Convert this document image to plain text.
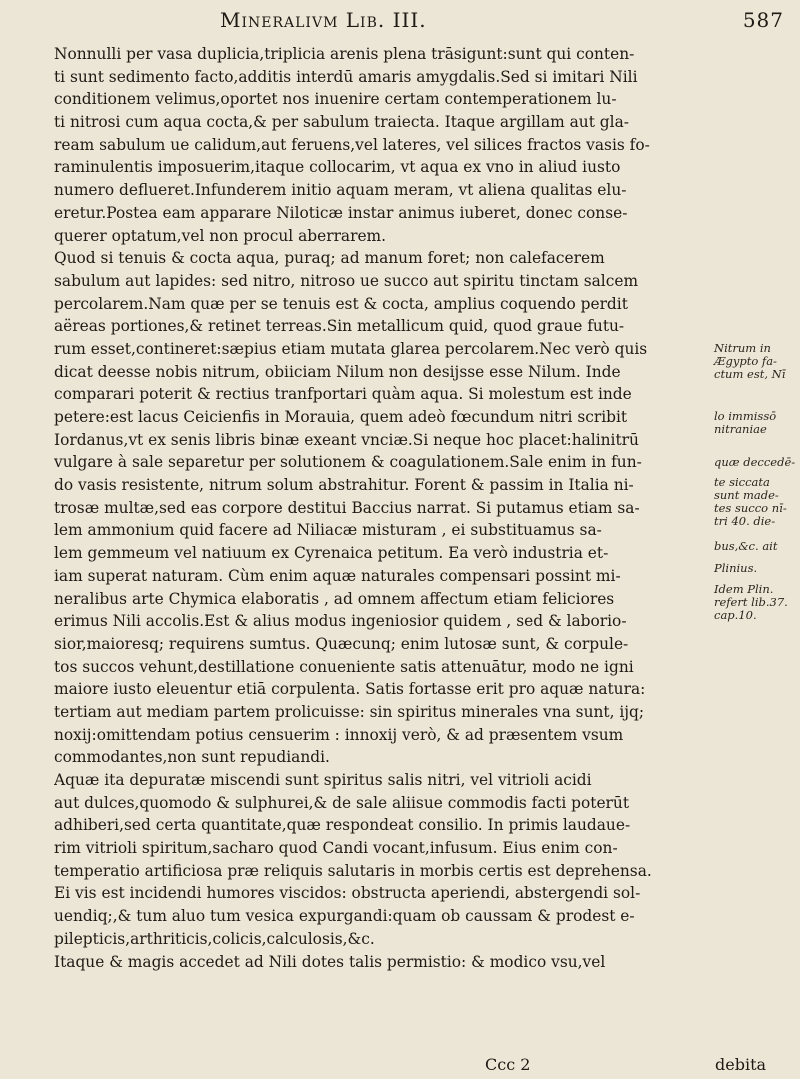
Mineralivm Lib. III.	587
Nonnulli per vasa duplicia,triplicia arenis plena trāsigunt:sunt qui conten-
ti sunt sedimento facto,additis interdū amaris amygdalis.Sed si imitari Nili
conditionem velimus,oportet nos inuenire certam contemperationem lu-
ti nitrosi cum aqua cocta,& per sabulum traiecta. Itaque argillam aut gla-
ream sabulum ue calidum,aut feruens,vel lateres, vel silices fractos vasis fo-
raminulentis imposuerim,itaque collocarim, vt aqua ex vno in aliud iusto
numero deflueret.Infunderem initio aquam meram, vt aliena qualitas elu-
eretur.Postea eam apparare Niloticæ instar animus iuberet, donec conse-
querer optatum,vel non procul aberrarem.
Quod si tenuis & cocta aqua, puraq; ad manum foret; non calefacerem
sabulum aut lapides: sed nitro, nitroso ue succo aut spiritu tinctam salcem
percolarem.Nam quæ per se tenuis est & cocta, amplius coquendo perdit
aëreas portiones,& retinet terreas.Sin metallicum quid, quod graue futu-
rum esset,contineret:sæpius etiam mutata glarea percolarem.Nec verò quis
dicat deesse nobis nitrum, obiiciam Nilum non desijsse esse Nilum. Inde
comparari poterit & rectius tranfportari quàm aqua. Si molestum est inde
petere:est lacus Ceicienfis in Morauia, quem adeò fœcundum nitri scribit
Iordanus,vt ex senis libris binæ exeant vnciæ.Si neque hoc placet:halinitrū
vulgare à sale separetur per solutionem & coagulationem.Sale enim in fun-
do vasis resistente, nitrum solum abstrahitur. Forent & passim in Italia ni-
trosæ multæ,sed eas corpore destitui Baccius narrat. Si putamus etiam sa-
lem ammonium quid facere ad Niliacæ misturam , ei substituamus sa-
lem gemmeum vel natiuum ex Cyrenaica petitum. Ea verò industria et-
iam superat naturam. Cùm enim aquæ naturales compensari possint mi-
neralibus arte Chymica elaboratis , ad omnem affectum etiam feliciores
erimus Nili accolis.Est & alius modus ingeniosior quidem , sed & laborio-
sior,maioresq; requirens sumtus. Quæcunq; enim lutosæ sunt, & corpule-
tos succos vehunt,destillatione conueniente satis attenuātur, modo ne igni
maiore iusto eleuentur etiā corpulenta. Satis fortasse erit pro aquæ natura:
tertiam aut mediam partem prolicuisse: sin spiritus minerales vna sunt, ijq;
noxij:omittendam potius censuerim : innoxij verò, & ad præsentem vsum
commodantes,non sunt repudiandi.
Aquæ ita depuratæ miscendi sunt spiritus salis nitri, vel vitrioli acidi
aut dulces,quomodo & sulphurei,& de sale aliisue commodis facti poterūt
adhiberi,sed certa quantitate,quæ respondeat consilio. In primis laudaue-
rim vitrioli spiritum,sacharo quod Candi vocant,infusum. Eius enim con-
temperatio artificiosa præ reliquis salutaris in morbis certis est deprehensa.
Ei vis est incidendi humores viscidos: obstructa aperiendi, abstergendi sol-
uendiq;,& tum aluo tum vesica expurgandi:quam ob caussam & prodest e-
pilepticis,arthriticis,colicis,calculosis,&c.
Itaque & magis accedet ad Nili dotes talis permistio: & modico vsu,vel
Nitrum in
Ægypto fa-
ctum est, Nī
lo immissō
nitraniae
quæ deccedē-
te siccata
sunt made-
tes succo nī-
tri 40. die-
bus,&c. ait
Plinius.
Idem Plin.
refert lib.37.
cap.10.
Ccc 2	debita
